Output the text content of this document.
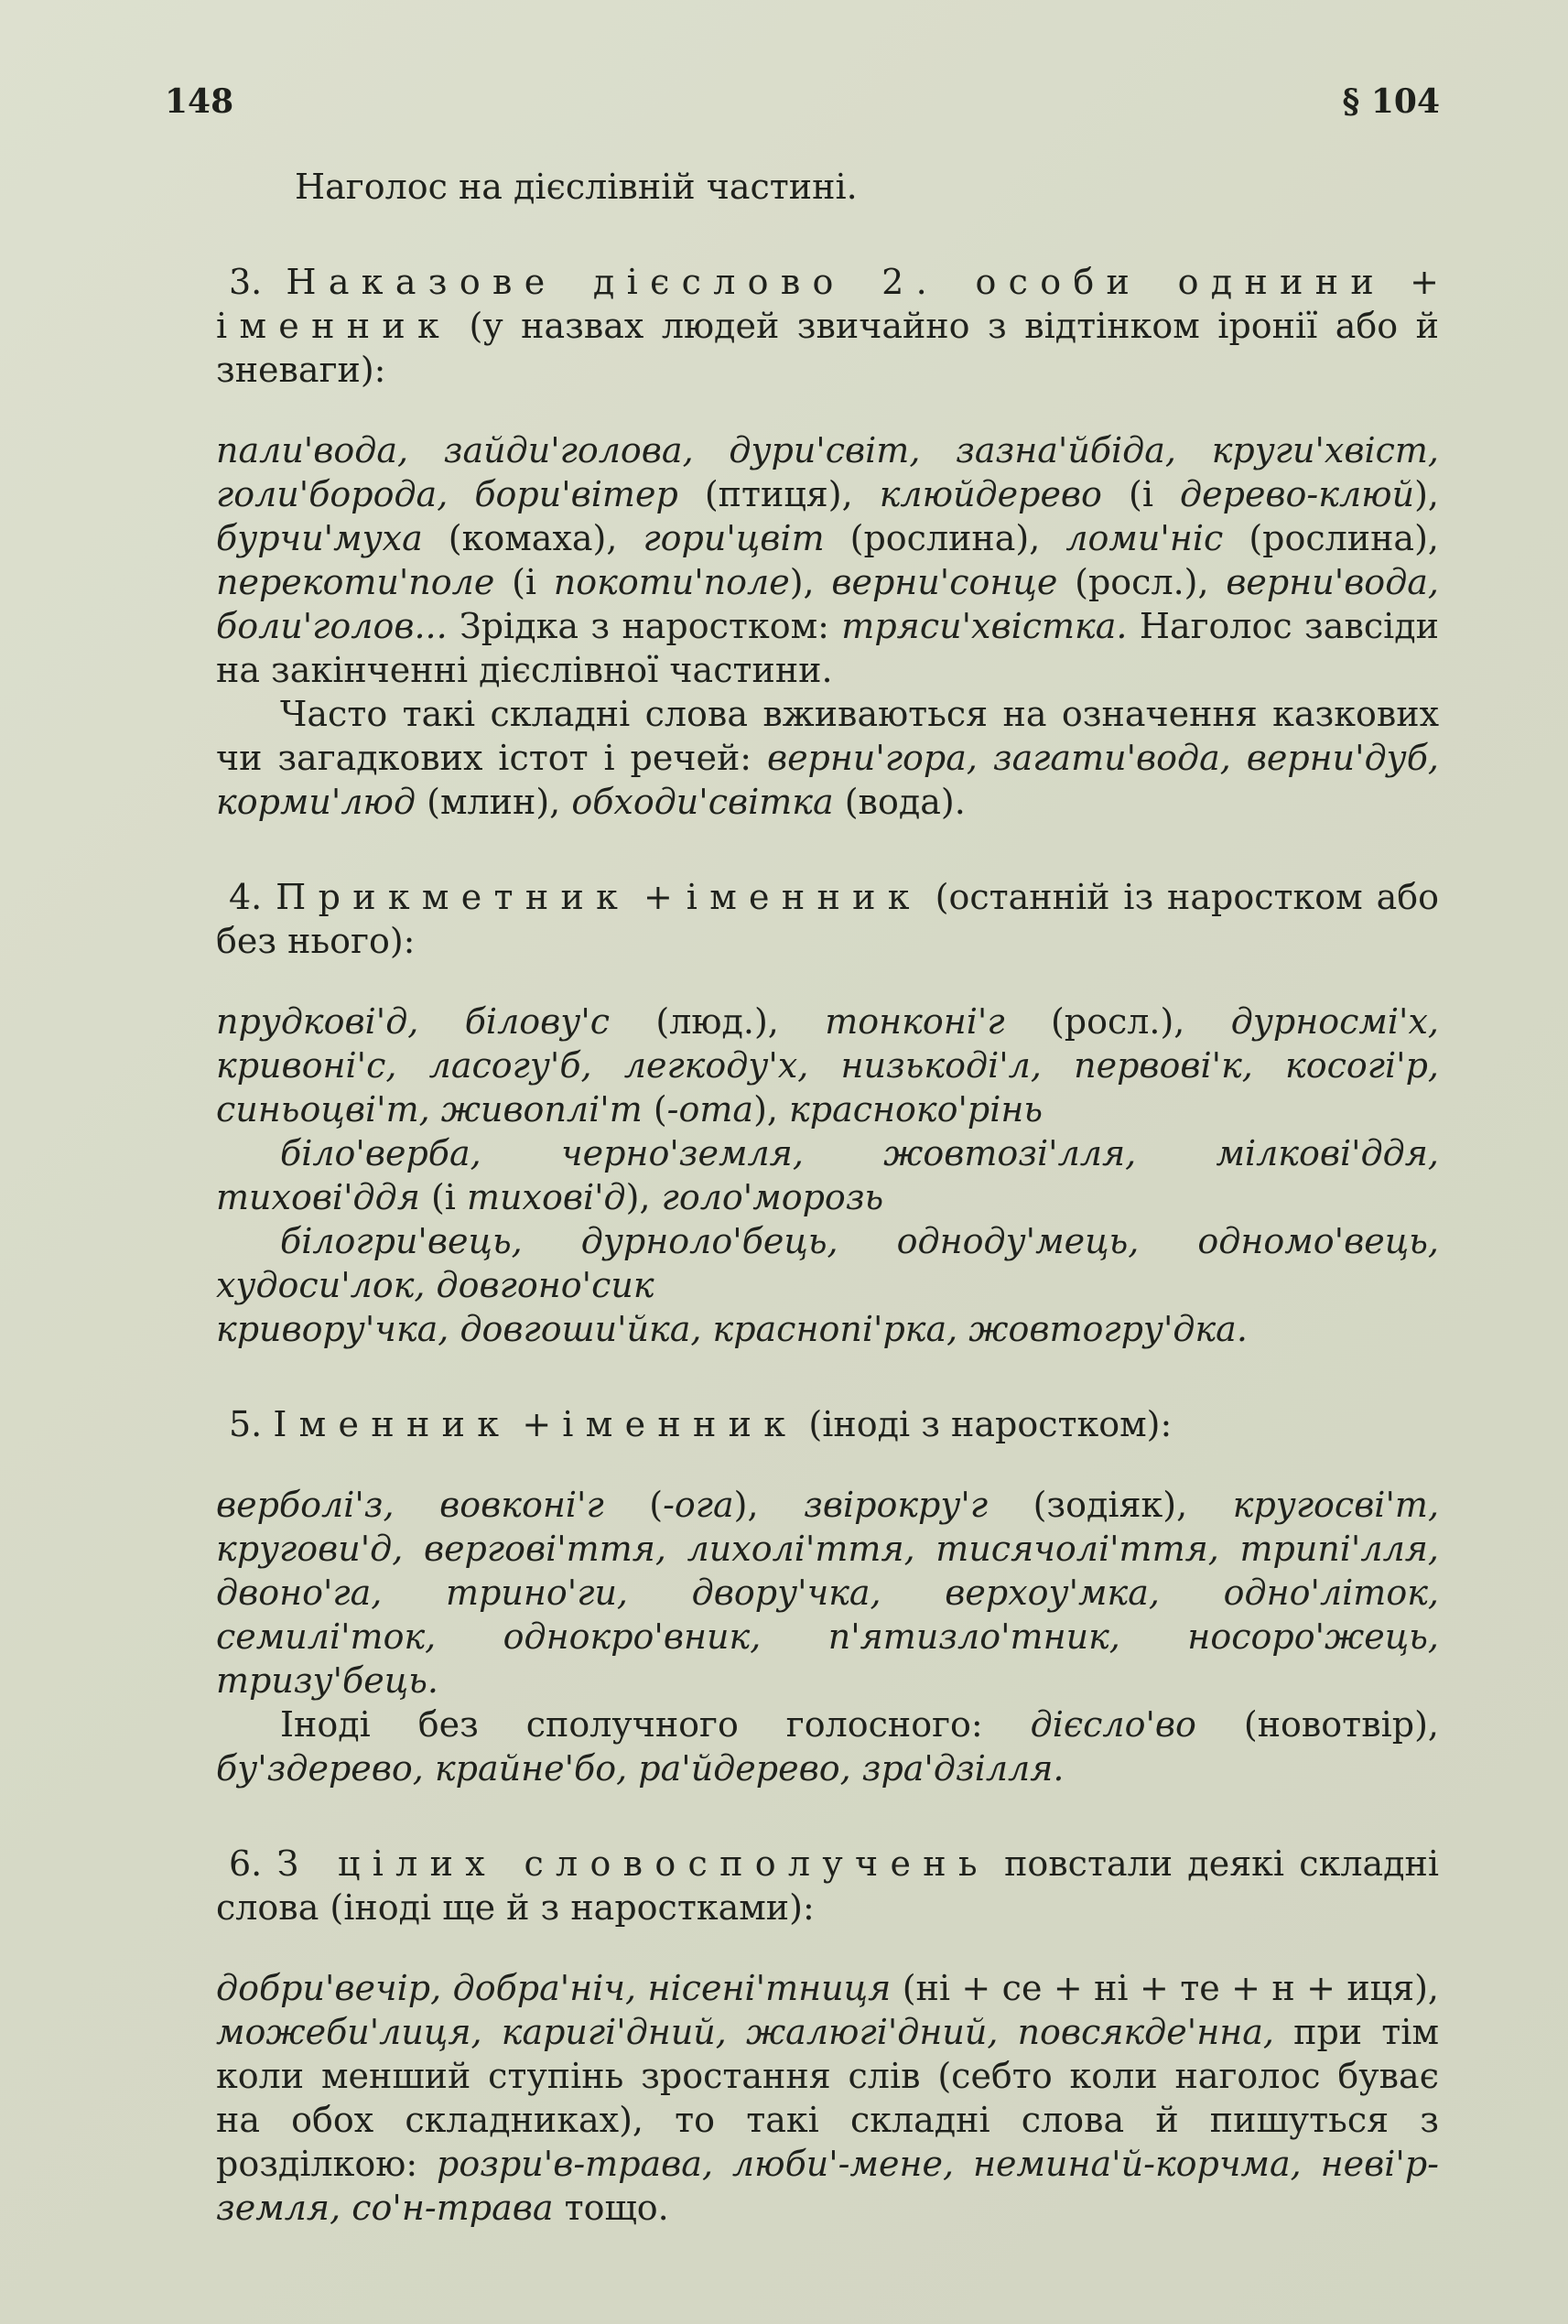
148	§ 104

Наголос на дієслівній частині.

3. Наказове дієслово 2. особи однини + іменник (у назвах людей звичайно з відтінком іронії або й зневаги):

пали'вода, зайди'голова, дури'світ, зазна'йбіда, круги'хвіст, голи'борода, бори'вітер (птиця), клюйдерево (і дерево-клюй), бурчи'муха (комаха), гори'цвіт (рослина), ломи'ніс (рослина), перекоти'поле (і покоти'поле), верни'сонце (росл.), верни'вода, боли'голов... Зрідка з наростком: тряси'хвістка. Наголос завсіди на закінченні дієслівної частини.

Часто такі складні слова вживаються на означення казкових чи загадкових істот і речей: верни'гора, загати'вода, верни'дуб, корми'люд (млин), обходи'світка (вода).

4. Прикметник + іменник (останній із наростком або без нього):

прудкові'д, білову'с (люд.), тонконі'г (росл.), дурносмі'х, кривоні'с, ласогу'б, легкоду'х, низькоді'л, первові'к, косогі'р, синьоцві'т, живоплі'т (-ота), красноко'рінь

біло'верба, черно'земля, жовтозі'лля, мілкові'ддя, тихові'ддя (і тихові'д), голо'морозь

білогри'вець, дурноло'бець, одноду'мець, одномо'вець, худоси'лок, довгоно'сик

кривору'чка, довгоши'йка, краснопі'рка, жовтогру'дка.

5. Іменник + іменник (іноді з наростком):

верболі'з, вовконі'г (-ога), звірокру'г (зодіяк), кругосві'т, кругови'д, вергові'ття, лихолі'ття, тисячолі'ття, трипі'лля, двоно'га, трино'ги, двору'чка, верхоу'мка, одно'літок, семилі'ток, однокро'вник, п'ятизло'тник, носоро'жець, тризу'бець.

Іноді без сполучного голосного: дієсло'во (новотвір), бу'здерево, крайне'бо, ра'йдерево, зра'дзілля.

6. З цілих словосполучень повстали деякі складні слова (іноді ще й з наростками):

добри'вечір, добра'ніч, нісені'тниця (ні + се + ні + те + н + иця), можеби'лиця, каригі'дний, жалюгі'дний, повсякде'нна, при тім коли менший ступінь зростання слів (себто коли наголос буває на обох складниках), то такі складні слова й пишуться з розділкою: розри'в-трава, люби'-мене, немина'й-корчма, неві'р-земля, со'н-трава тощо.
